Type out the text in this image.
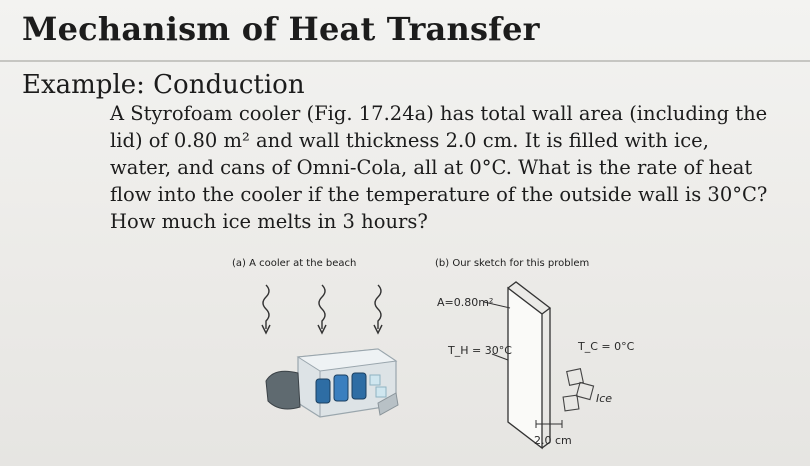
Mechanism of Heat Transfer
Example: Conduction
A Styrofoam cooler (Fig. 17.24a) has total wall area (including the
lid) of 0.80 m² and wall thickness 2.0 cm. It is filled with ice,
water, and cans of Omni-Cola, all at 0°C. What is the rate of heat
flow into the cooler if the temperature of the outside wall is 30°C?
How much ice melts in 3 hours?
(a) A cooler at the beach	(b) Our sketch for this problem
A=0.80m²
T_H = 30°C	T_C = 0°C
Ice
2.0 cm
